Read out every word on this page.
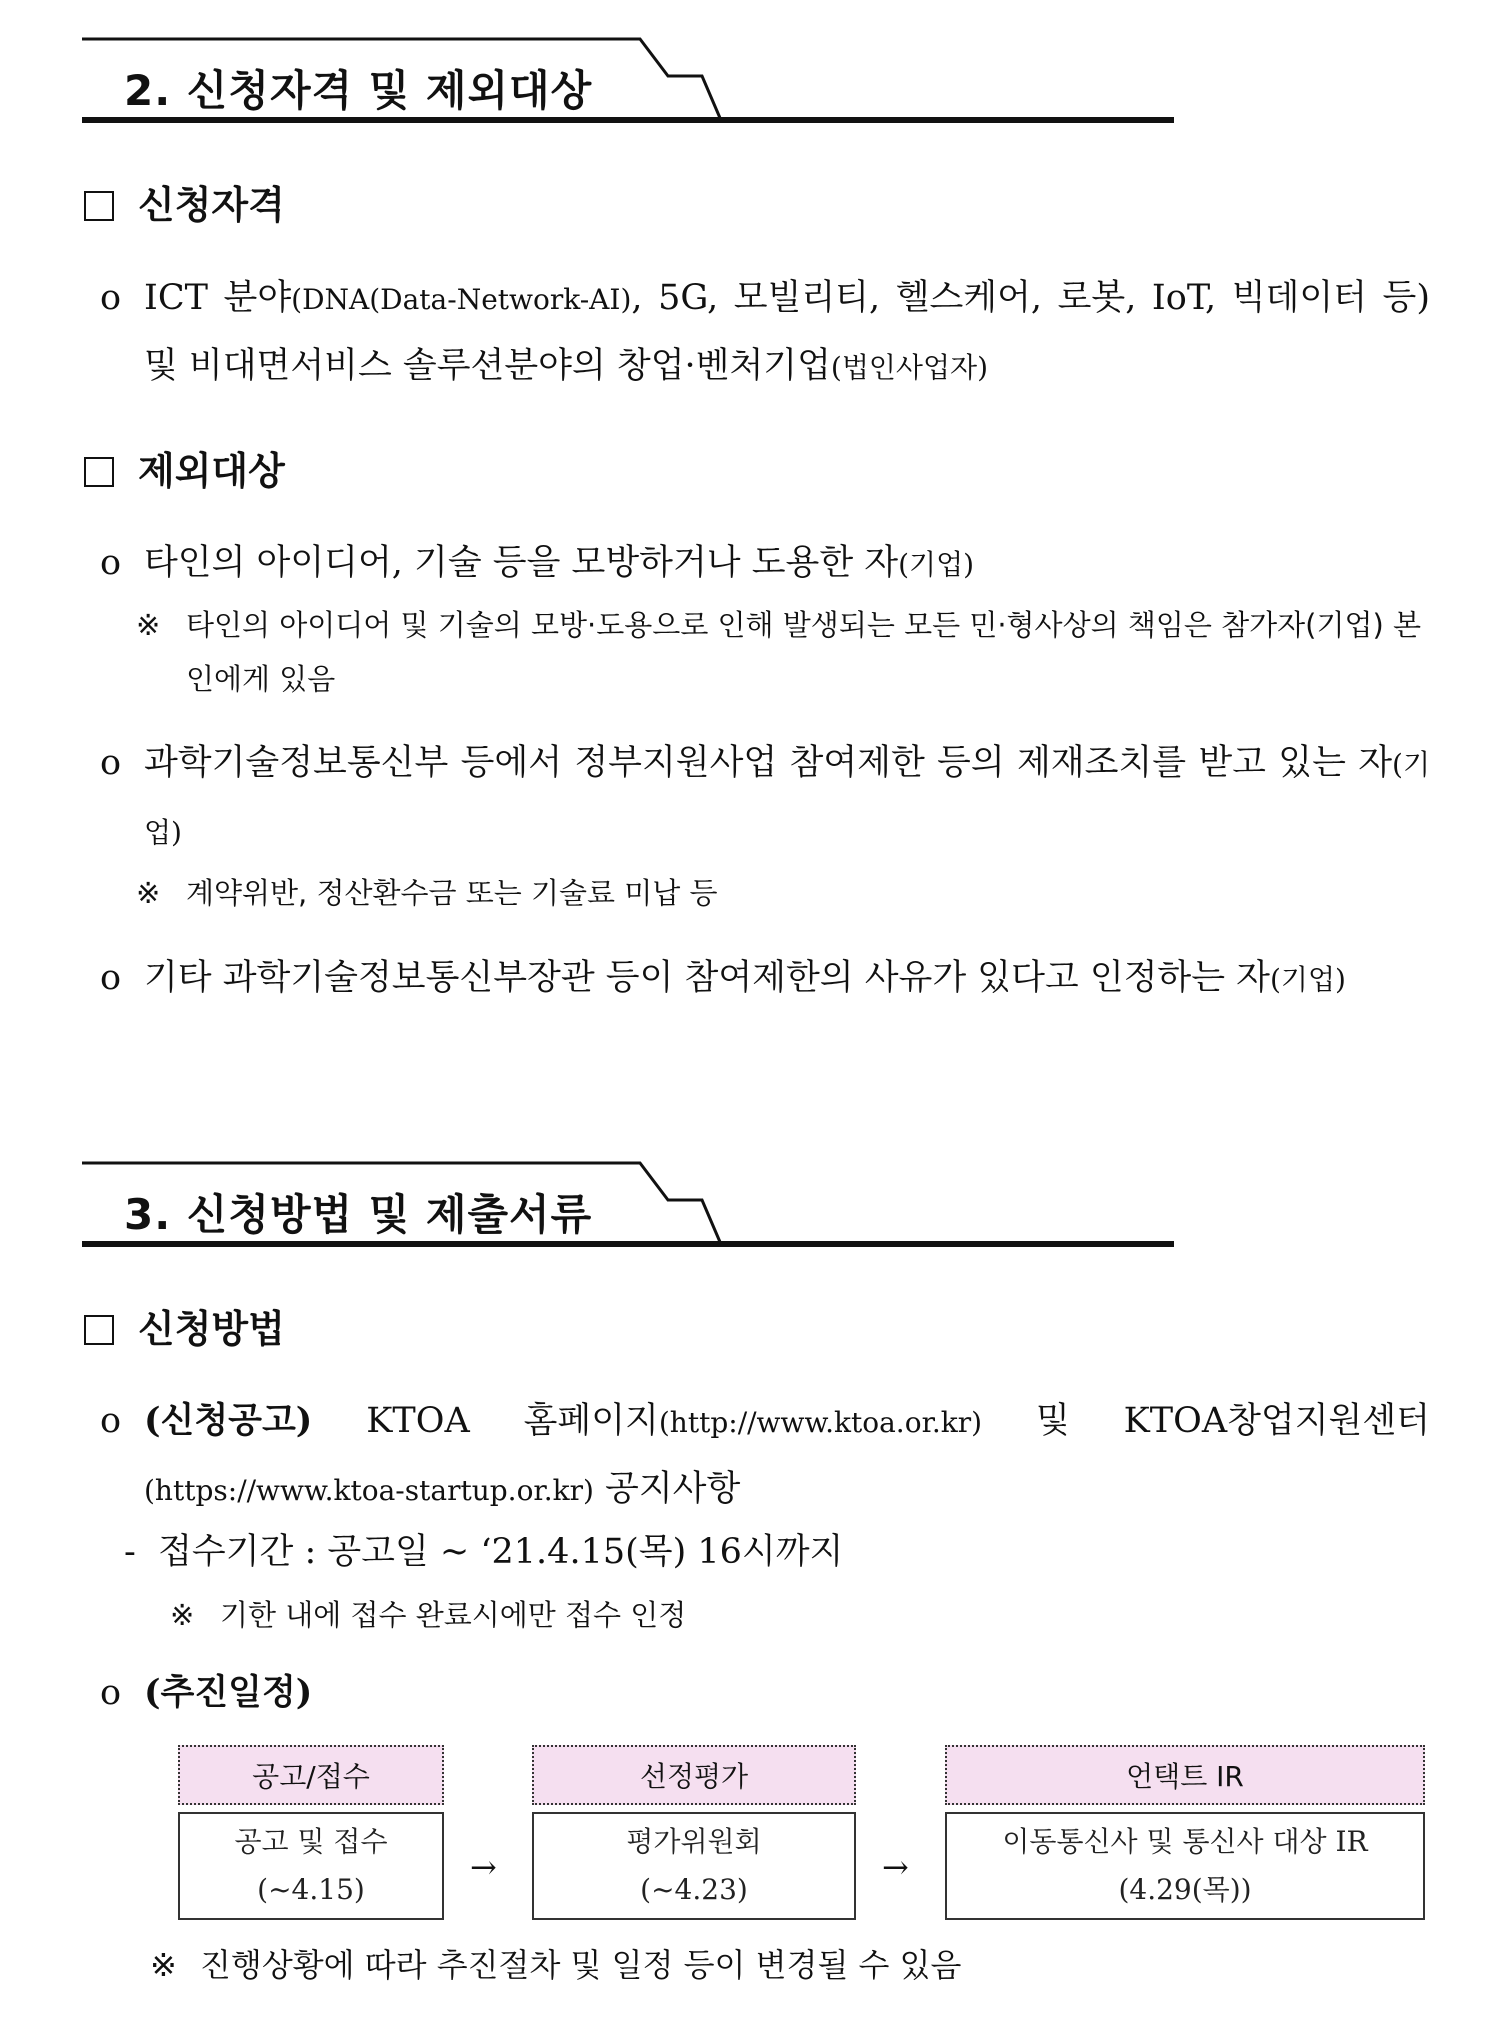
2. 신청자격 및 제외대상
신청자격
o ICT 분야(DNA(Data-Network-AI), 5G, 모빌리티, 헬스케어, 로봇, IoT, 빅데이터 등) 및 비대면서비스 솔루션분야의 창업·벤처기업(법인사업자)
제외대상
o 타인의 아이디어, 기술 등을 모방하거나 도용한 자(기업)
※ 타인의 아이디어 및 기술의 모방·도용으로 인해 발생되는 모든 민·형사상의 책임은 참가자(기업) 본인에게 있음
o 과학기술정보통신부 등에서 정부지원사업 참여제한 등의 제재조치를 받고 있는 자(기업)
※ 계약위반, 정산환수금 또는 기술료 미납 등
o 기타 과학기술정보통신부장관 등이 참여제한의 사유가 있다고 인정하는 자(기업)
3. 신청방법 및 제출서류
신청방법
o (신청공고) KTOA 홈페이지(http://www.ktoa.or.kr) 및 KTOA창업지원센터 (https://www.ktoa-startup.or.kr) 공지사항
- 접수기간 : 공고일 ~ ‘21.4.15(목) 16시까지
※ 기한 내에 접수 완료시에만 접수 인정
o (추진일정)
공고/접수
공고 및 접수
(~4.15)
→
선정평가
평가위원회
(~4.23)
→
언택트 IR
이동통신사 및 통신사 대상 IR
(4.29(목))
※ 진행상황에 따라 추진절차 및 일정 등이 변경될 수 있음
